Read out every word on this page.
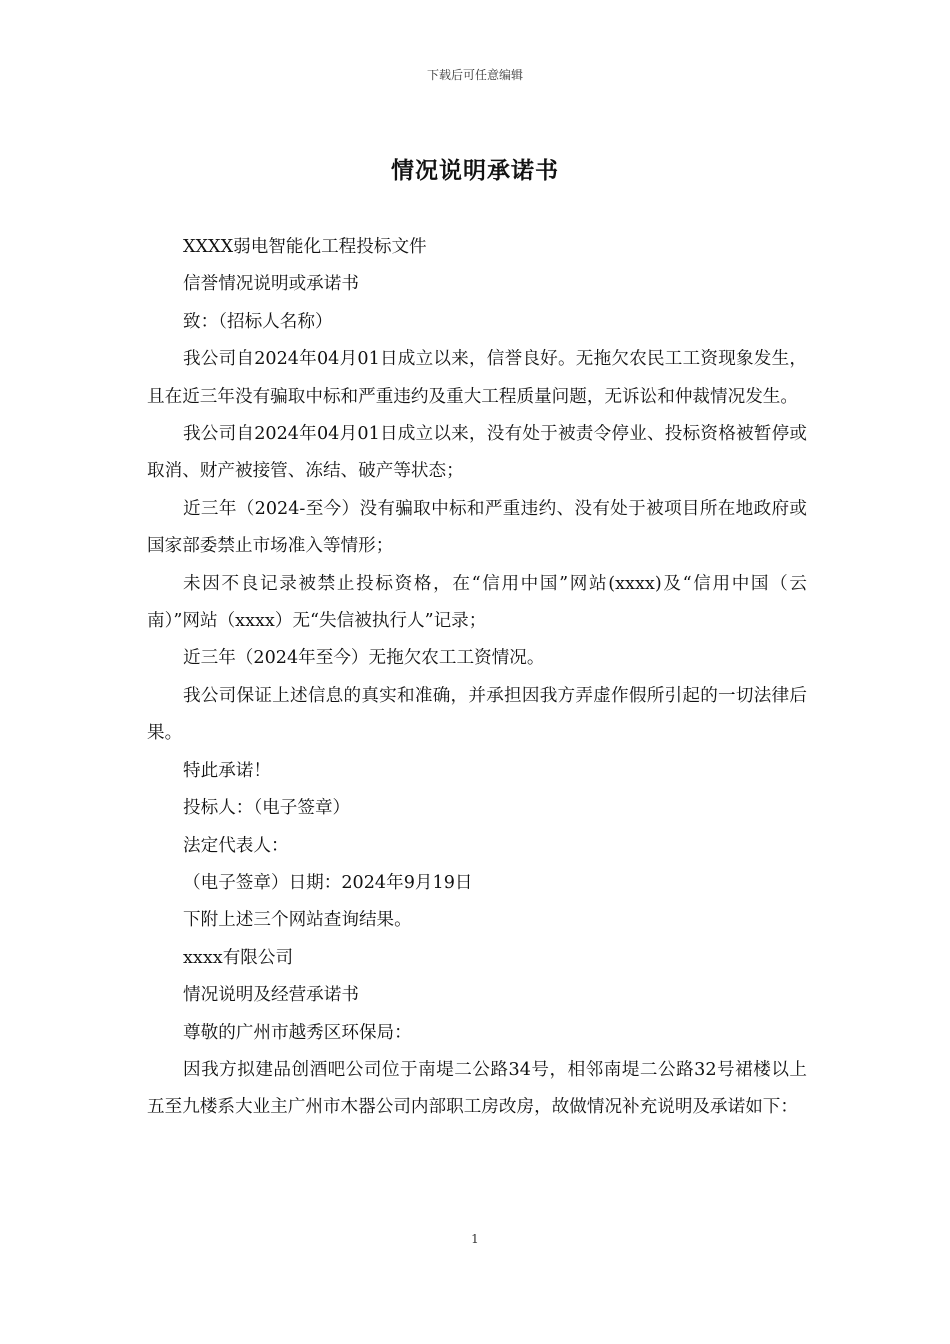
下载后可任意编辑
情况说明承诺书

XXXX弱电智能化工程投标文件

信誉情况说明或承诺书

致：（招标人名称）

我公司自2024年04月01日成立以来，信誉良好。无拖欠农民工工资现象发生，且在近三年没有骗取中标和严重违约及重大工程质量问题，无诉讼和仲裁情况发生。

我公司自2024年04月01日成立以来，没有处于被责令停业、投标资格被暂停或取消、财产被接管、冻结、破产等状态；

近三年（2024-至今）没有骗取中标和严重违约、没有处于被项目所在地政府或国家部委禁止市场准入等情形；

未因不良记录被禁止投标资格，在“信用中国”网站(xxxx)及“信用中国（云南）”网站（xxxx）无“失信被执行人”记录；

近三年（2024年至今）无拖欠农工工资情况。

我公司保证上述信息的真实和准确，并承担因我方弄虚作假所引起的一切法律后果。

特此承诺！

投标人：（电子签章）

法定代表人：

（电子签章）日期：2024年9月19日

下附上述三个网站查询结果。

xxxx有限公司

情况说明及经营承诺书

尊敬的广州市越秀区环保局：

因我方拟建品创酒吧公司位于南堤二公路34号，相邻南堤二公路32号裙楼以上五至九楼系大业主广州市木器公司内部职工房改房，故做情况补充说明及承诺如下：

1
